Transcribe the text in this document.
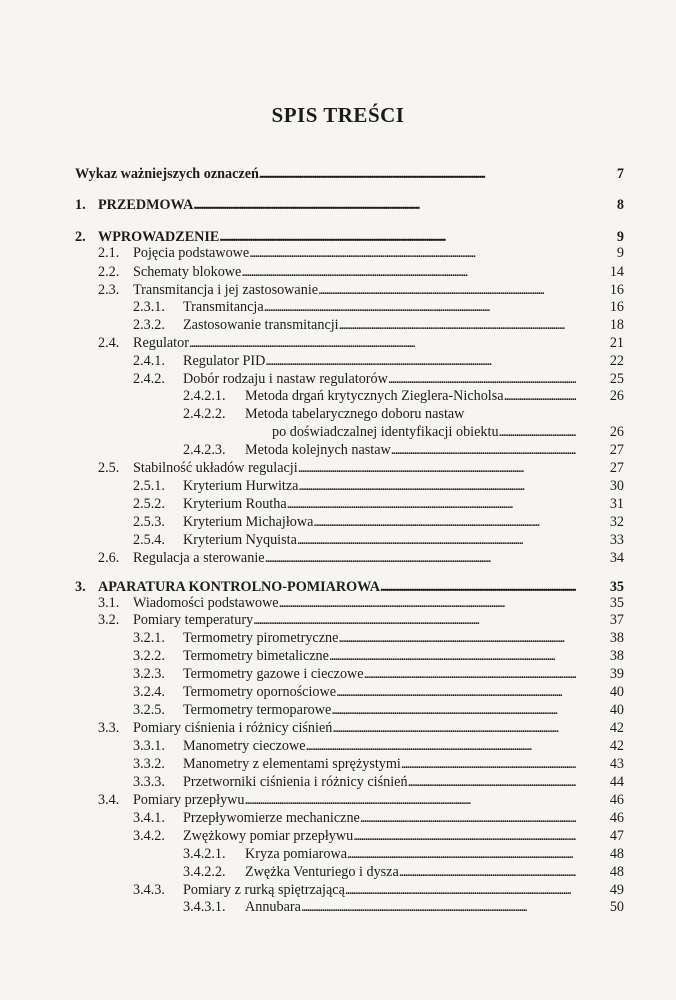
SPIS TREŚCI
Wykaz ważniejszych oznaczeń . . .	7
1. PRZEDMOWA . . .	8
2. WPROWADZENIE . . .	9
2.1. Pojęcia podstawowe . . .	9
2.2. Schematy blokowe . . .	14
2.3. Transmitancja i jej zastosowanie . . .	16
2.3.1. Transmitancja . . .	16
2.3.2. Zastosowanie transmitancji . . .	18
2.4. Regulator . . .	21
2.4.1. Regulator PID . . .	22
2.4.2. Dobór rodzaju i nastaw regulatorów . . .	25
2.4.2.1. Metoda drgań krytycznych Zieglera-Nicholsa . . .	26
2.4.2.2. Metoda tabelarycznego doboru nastaw
po doświadczalnej identyfikacji obiektu . . .	26
2.4.2.3. Metoda kolejnych nastaw . . .	27
2.5. Stabilność układów regulacji . . .	27
2.5.1. Kryterium Hurwitza . . .	30
2.5.2. Kryterium Routha . . .	31
2.5.3. Kryterium Michajłowa . . .	32
2.5.4. Kryterium Nyquista . . .	33
2.6. Regulacja a sterowanie . . .	34
3. APARATURA KONTROLNO-POMIAROWA . . .	35
3.1. Wiadomości podstawowe . . .	35
3.2. Pomiary temperatury . . .	37
3.2.1. Termometry pirometryczne . . .	38
3.2.2. Termometry bimetaliczne . . .	38
3.2.3. Termometry gazowe i cieczowe . . .	39
3.2.4. Termometry opornościowe . . .	40
3.2.5. Termometry termoparowe . . .	40
3.3. Pomiary ciśnienia i różnicy ciśnień . . .	42
3.3.1. Manometry cieczowe . . .	42
3.3.2. Manometry z elementami sprężystymi . . .	43
3.3.3. Przetworniki ciśnienia i różnicy ciśnień . . .	44
3.4. Pomiary przepływu . . .	46
3.4.1. Przepływomierze mechaniczne . . .	46
3.4.2. Zwężkowy pomiar przepływu . . .	47
3.4.2.1. Kryza pomiarowa . . .	48
3.4.2.2. Zwężka Venturiego i dysza . . .	48
3.4.3. Pomiary z rurką spiętrzającą . . .	49
3.4.3.1. Annubara . . .	50
